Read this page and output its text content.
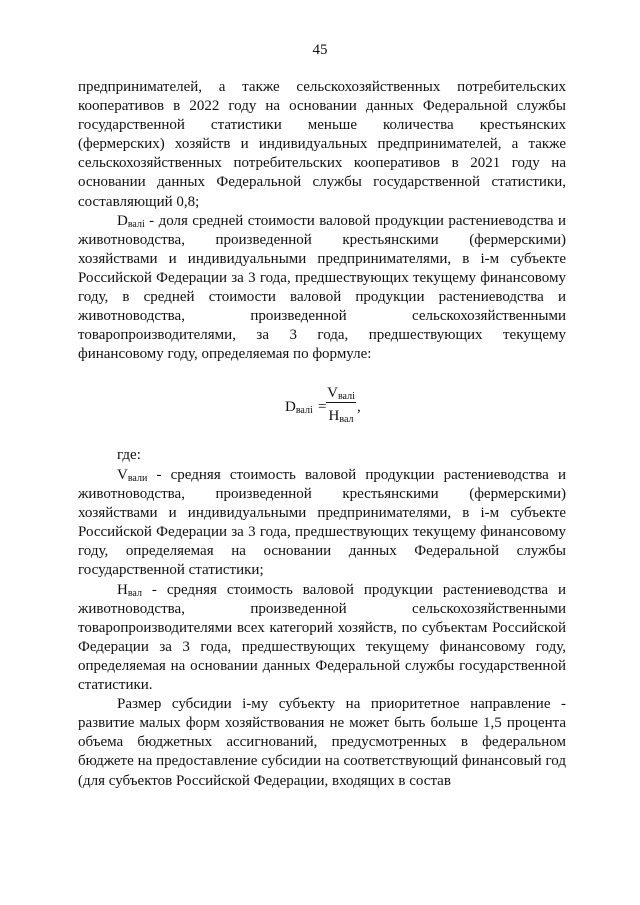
45

предпринимателей, а также сельскохозяйственных потребительских кооперативов в 2022 году на основании данных Федеральной службы государственной статистики меньше количества крестьянских (фермерских) хозяйств и индивидуальных предпринимателей, а также сельскохозяйственных потребительских кооперативов в 2021 году на основании данных Федеральной службы государственной статистики, составляющий 0,8;

$D_{валі}$ - доля средней стоимости валовой продукции растениеводства и животноводства, произведенной крестьянскими (фермерскими) хозяйствами и индивидуальными предпринимателями, в i-м субъекте Российской Федерации за 3 года, предшествующих текущему финансовому году, в средней стоимости валовой продукции растениеводства и животноводства, произведенной сельскохозяйственными товаропроизводителями, за 3 года, предшествующих текущему финансовому году, определяемая по формуле:

$D_{валі}$ =
$V_{валі}$
$H_{вал}$
,
где:

$V_{вали}$ - средняя стоимость валовой продукции растениеводства и животноводства, произведенной крестьянскими (фермерскими) хозяйствами и индивидуальными предпринимателями, в i-м субъекте Российской Федерации за 3 года, предшествующих текущему финансовому году, определяемая на основании данных Федеральной службы государственной статистики;

$H_{вал}$ - средняя стоимость валовой продукции растениеводства и животноводства, произведенной сельскохозяйственными товаропроизводителями всех категорий хозяйств, по субъектам Российской Федерации за 3 года, предшествующих текущему финансовому году, определяемая на основании данных Федеральной службы государственной статистики.

Размер субсидии i-му субъекту на приоритетное направление - развитие малых форм хозяйствования не может быть больше 1,5 процента объема бюджетных ассигнований, предусмотренных в федеральном бюджете на предоставление субсидии на соответствующий финансовый год (для субъектов Российской Федерации, входящих в состав
